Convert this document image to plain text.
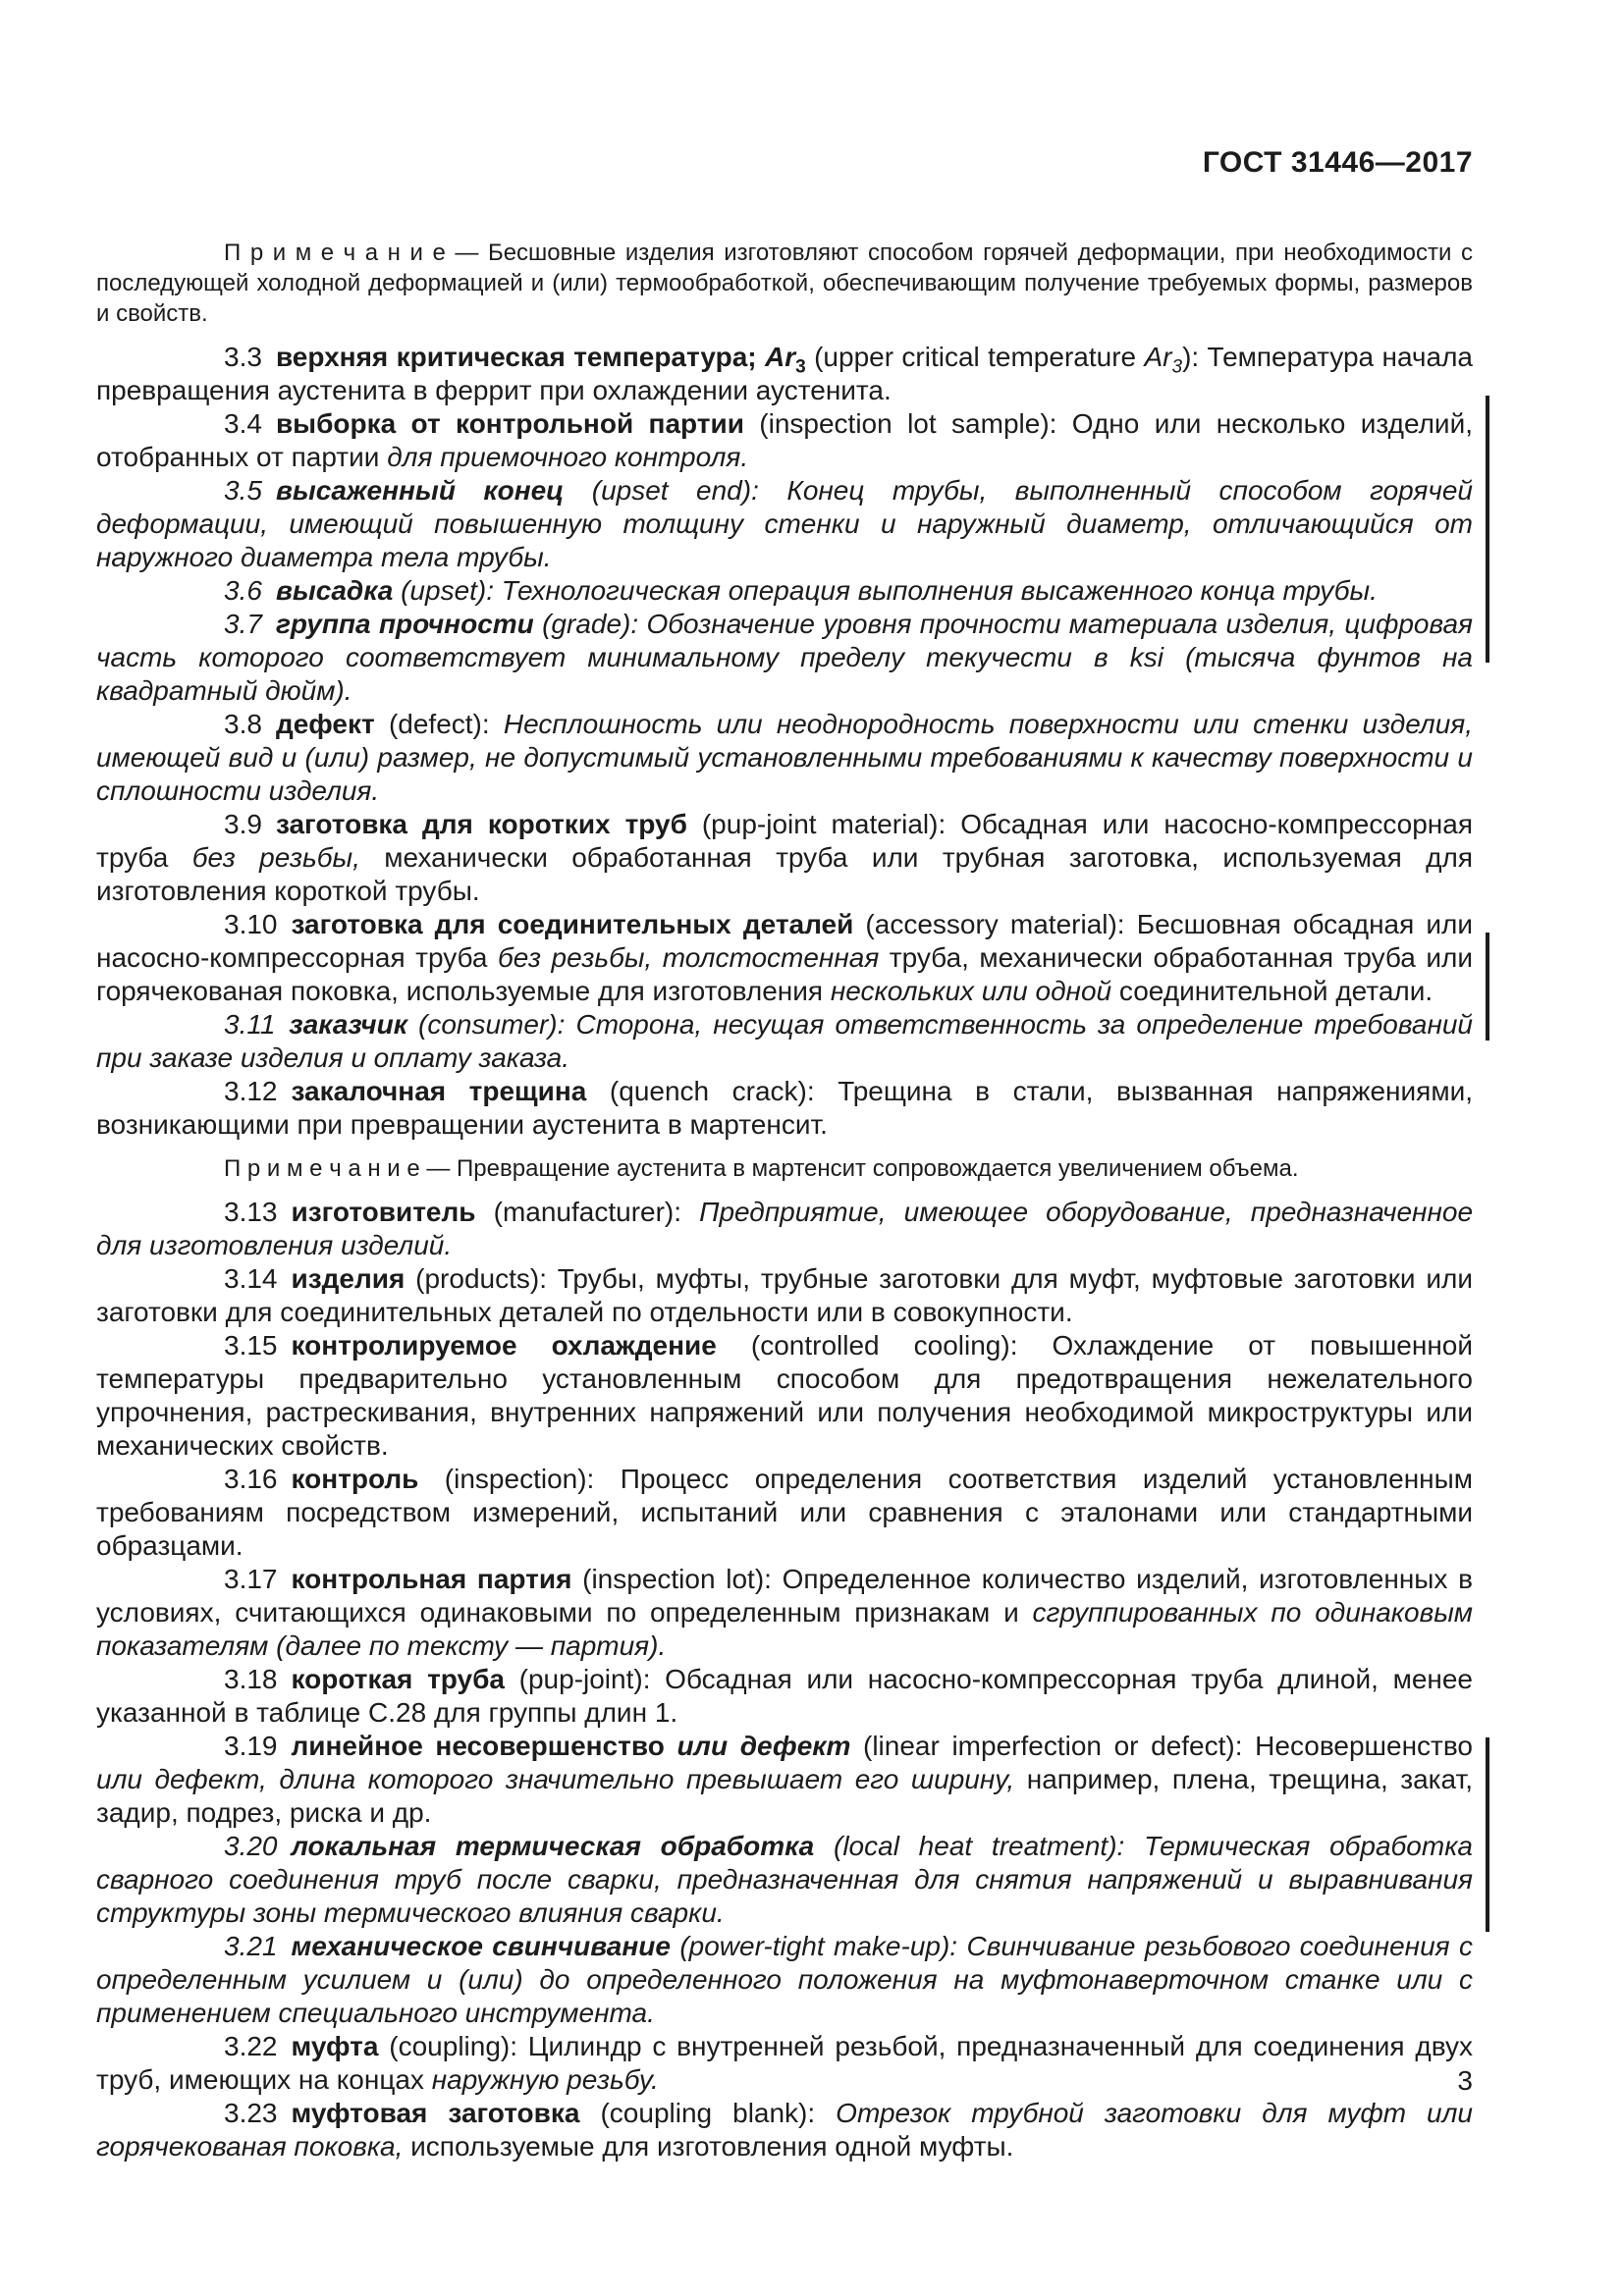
ГОСТ 31446—2017

П р и м е ч а н и е — Бесшовные изделия изготовляют способом горячей деформации, при необходимости с последующей холодной деформацией и (или) термообработкой, обеспечивающим получение требуемых формы, размеров и свойств.

3.3 верхняя критическая температура; $Ar_3$ (upper critical temperature $Ar_3$): Температура начала превращения аустенита в феррит при охлаждении аустенита.

3.4 выборка от контрольной партии (inspection lot sample): Одно или несколько изделий, отобранных от партии для приемочного контроля.

3.5 высаженный конец (upset end): Конец трубы, выполненный способом горячей деформации, имеющий повышенную толщину стенки и наружный диаметр, отличающийся от наружного диаметра тела трубы.

3.6 высадка (upset): Технологическая операция выполнения высаженного конца трубы.

3.7 группа прочности (grade): Обозначение уровня прочности материала изделия, цифровая часть которого соответствует минимальному пределу текучести в ksi (тысяча фунтов на квадратный дюйм).

3.8 дефект (defect): Несплошность или неоднородность поверхности или стенки изделия, имеющей вид и (или) размер, не допустимый установленными требованиями к качеству поверхности и сплошности изделия.

3.9 заготовка для коротких труб (pup-joint material): Обсадная или насосно-компрессорная труба без резьбы, механически обработанная труба или трубная заготовка, используемая для изготовления короткой трубы.

3.10 заготовка для соединительных деталей (accessory material): Бесшовная обсадная или насосно-компрессорная труба без резьбы, толстостенная труба, механически обработанная труба или горячекованая поковка, используемые для изготовления нескольких или одной соединительной детали.

3.11 заказчик (consumer): Сторона, несущая ответственность за определение требований при заказе изделия и оплату заказа.

3.12 закалочная трещина (quench crack): Трещина в стали, вызванная напряжениями, возникающими при превращении аустенита в мартенсит.

П р и м е ч а н и е — Превращение аустенита в мартенсит сопровождается увеличением объема.

3.13 изготовитель (manufacturer): Предприятие, имеющее оборудование, предназначенное для изготовления изделий.

3.14 изделия (products): Трубы, муфты, трубные заготовки для муфт, муфтовые заготовки или заготовки для соединительных деталей по отдельности или в совокупности.

3.15 контролируемое охлаждение (controlled cooling): Охлаждение от повышенной температуры предварительно установленным способом для предотвращения нежелательного упрочнения, растрескивания, внутренних напряжений или получения необходимой микроструктуры или механических свойств.

3.16 контроль (inspection): Процесс определения соответствия изделий установленным требованиям посредством измерений, испытаний или сравнения с эталонами или стандартными образцами.

3.17 контрольная партия (inspection lot): Определенное количество изделий, изготовленных в условиях, считающихся одинаковыми по определенным признакам и сгруппированных по одинаковым показателям (далее по тексту — партия).

3.18 короткая труба (pup-joint): Обсадная или насосно-компрессорная труба длиной, менее указанной в таблице С.28 для группы длин 1.

3.19 линейное несовершенство или дефект (linear imperfection or defect): Несовершенство или дефект, длина которого значительно превышает его ширину, например, плена, трещина, закат, задир, подрез, риска и др.

3.20 локальная термическая обработка (local heat treatment): Термическая обработка сварного соединения труб после сварки, предназначенная для снятия напряжений и выравнивания структуры зоны термического влияния сварки.

3.21 механическое свинчивание (power-tight make-up): Свинчивание резьбового соединения с определенным усилием и (или) до определенного положения на муфтонаверточном станке или с применением специального инструмента.

3.22 муфта (coupling): Цилиндр с внутренней резьбой, предназначенный для соединения двух труб, имеющих на концах наружную резьбу.

3.23 муфтовая заготовка (coupling blank): Отрезок трубной заготовки для муфт или горячекованая поковка, используемые для изготовления одной муфты.

3
